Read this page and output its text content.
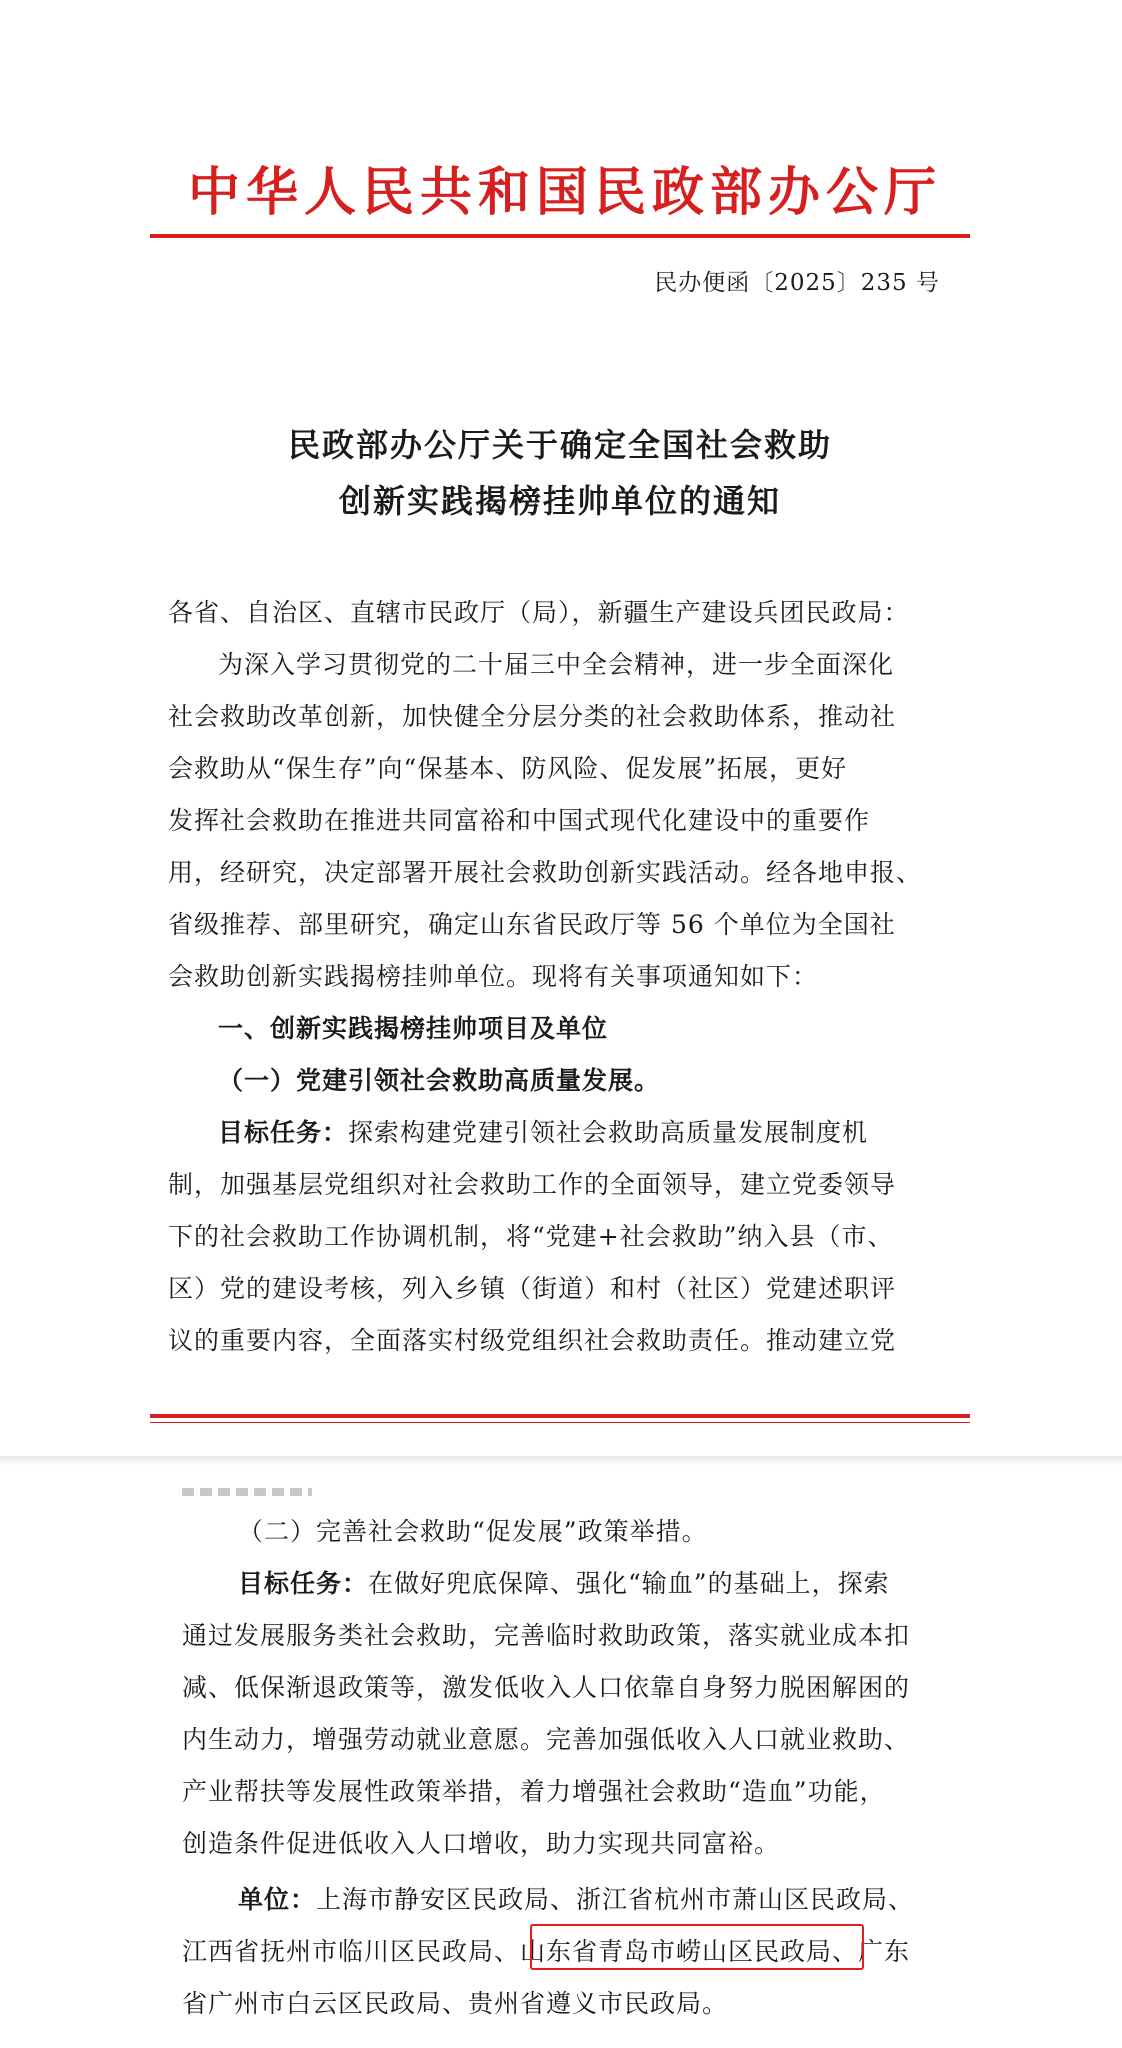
中华人民共和国民政部办公厅
民办便函〔2025〕235 号
民政部办公厅关于确定全国社会救助
创新实践揭榜挂帅单位的通知
各省、自治区、直辖市民政厅（局），新疆生产建设兵团民政局：
为深入学习贯彻党的二十届三中全会精神，进一步全面深化
社会救助改革创新，加快健全分层分类的社会救助体系，推动社
会救助从“保生存”向“保基本、防风险、促发展”拓展，更好
发挥社会救助在推进共同富裕和中国式现代化建设中的重要作
用，经研究，决定部署开展社会救助创新实践活动。经各地申报、
省级推荐、部里研究，确定山东省民政厅等 56 个单位为全国社
会救助创新实践揭榜挂帅单位。现将有关事项通知如下：
一、创新实践揭榜挂帅项目及单位
（一）党建引领社会救助高质量发展。
目标任务：探索构建党建引领社会救助高质量发展制度机
制，加强基层党组织对社会救助工作的全面领导，建立党委领导
下的社会救助工作协调机制，将“党建+社会救助”纳入县（市、
区）党的建设考核，列入乡镇（街道）和村（社区）党建述职评
议的重要内容，全面落实村级党组织社会救助责任。推动建立党
（二）完善社会救助“促发展”政策举措。
目标任务：在做好兜底保障、强化“输血”的基础上，探索
通过发展服务类社会救助，完善临时救助政策，落实就业成本扣
减、低保渐退政策等，激发低收入人口依靠自身努力脱困解困的
内生动力，增强劳动就业意愿。完善加强低收入人口就业救助、
产业帮扶等发展性政策举措，着力增强社会救助“造血”功能，
创造条件促进低收入人口增收，助力实现共同富裕。
单位：上海市静安区民政局、浙江省杭州市萧山区民政局、
江西省抚州市临川区民政局、山东省青岛市崂山区民政局、广东
省广州市白云区民政局、贵州省遵义市民政局。
